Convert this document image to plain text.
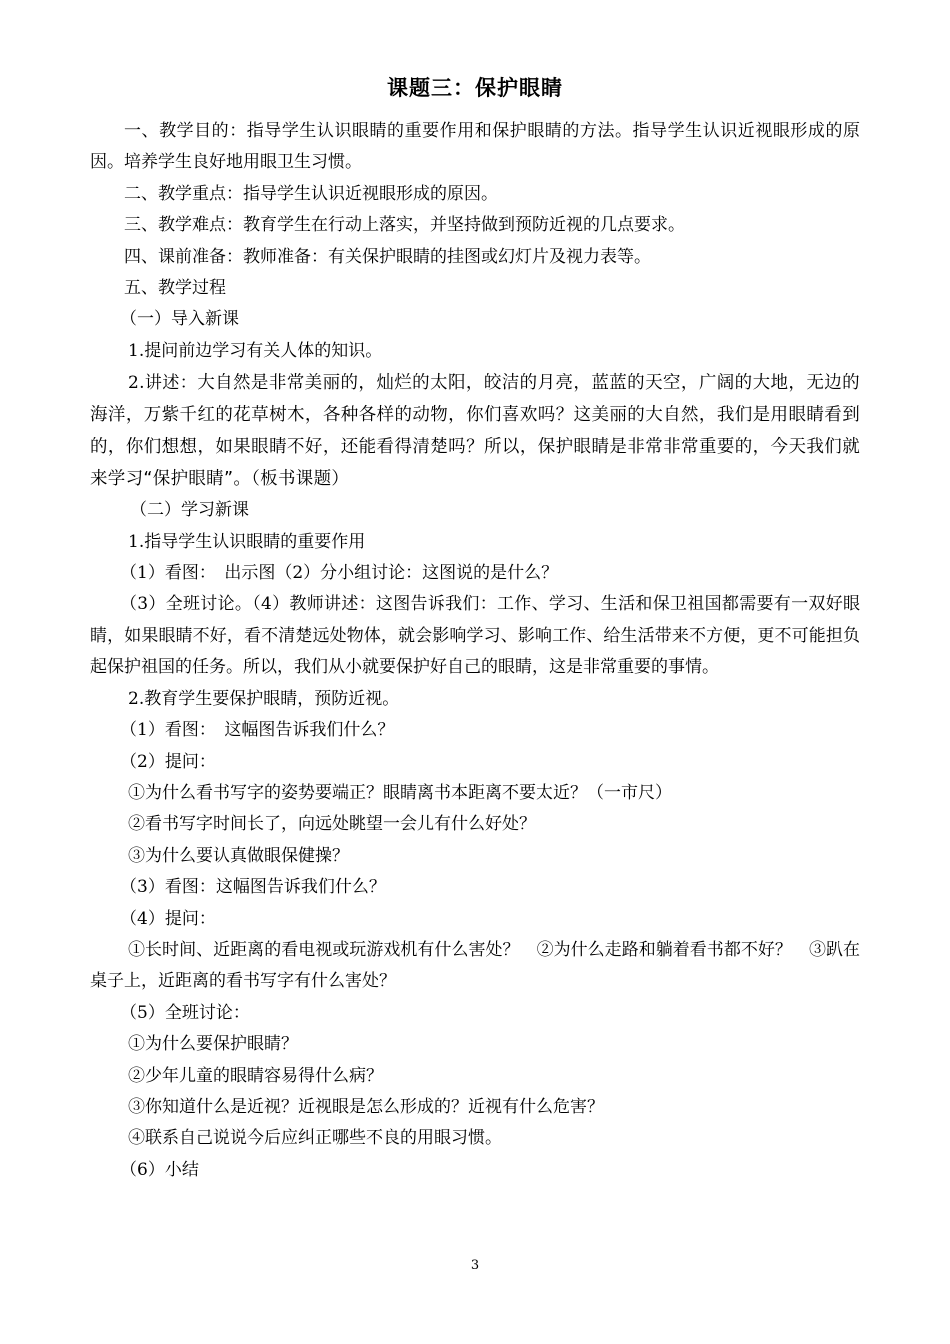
课题三：保护眼睛

一、教学目的：指导学生认识眼睛的重要作用和保护眼睛的方法。指导学生认识近视眼形成的原因。培养学生良好地用眼卫生习惯。

二、教学重点：指导学生认识近视眼形成的原因。

三、教学难点：教育学生在行动上落实，并坚持做到预防近视的几点要求。

四、课前准备：教师准备：有关保护眼睛的挂图或幻灯片及视力表等。

五、教学过程

（一）导入新课

1.提问前边学习有关人体的知识。

2.讲述：大自然是非常美丽的，灿烂的太阳，皎洁的月亮，蓝蓝的天空，广阔的大地，无边的海洋，万紫千红的花草树木，各种各样的动物，你们喜欢吗？这美丽的大自然，我们是用眼睛看到的，你们想想，如果眼睛不好，还能看得清楚吗？所以，保护眼睛是非常非常重要的，今天我们就来学习“保护眼睛”。（板书课题）

（二）学习新课

1.指导学生认识眼睛的重要作用

（1）看图：　出示图（2）分小组讨论：这图说的是什么？

（3）全班讨论。（4）教师讲述：这图告诉我们：工作、学习、生活和保卫祖国都需要有一双好眼睛，如果眼睛不好，看不清楚远处物体，就会影响学习、影响工作、给生活带来不方便，更不可能担负起保护祖国的任务。所以，我们从小就要保护好自己的眼睛，这是非常重要的事情。

2.教育学生要保护眼睛，预防近视。

（1）看图：　这幅图告诉我们什么？

（2）提问：

①为什么看书写字的姿势要端正？眼睛离书本距离不要太近？（一市尺）

②看书写字时间长了，向远处眺望一会儿有什么好处？

③为什么要认真做眼保健操？

（3）看图：这幅图告诉我们什么？

（4）提问：

①长时间、近距离的看电视或玩游戏机有什么害处？　②为什么走路和躺着看书都不好？　③趴在桌子上，近距离的看书写字有什么害处？

（5）全班讨论：

①为什么要保护眼睛？

②少年儿童的眼睛容易得什么病？

③你知道什么是近视？近视眼是怎么形成的？近视有什么危害？

④联系自己说说今后应纠正哪些不良的用眼习惯。

（6）小结

3
